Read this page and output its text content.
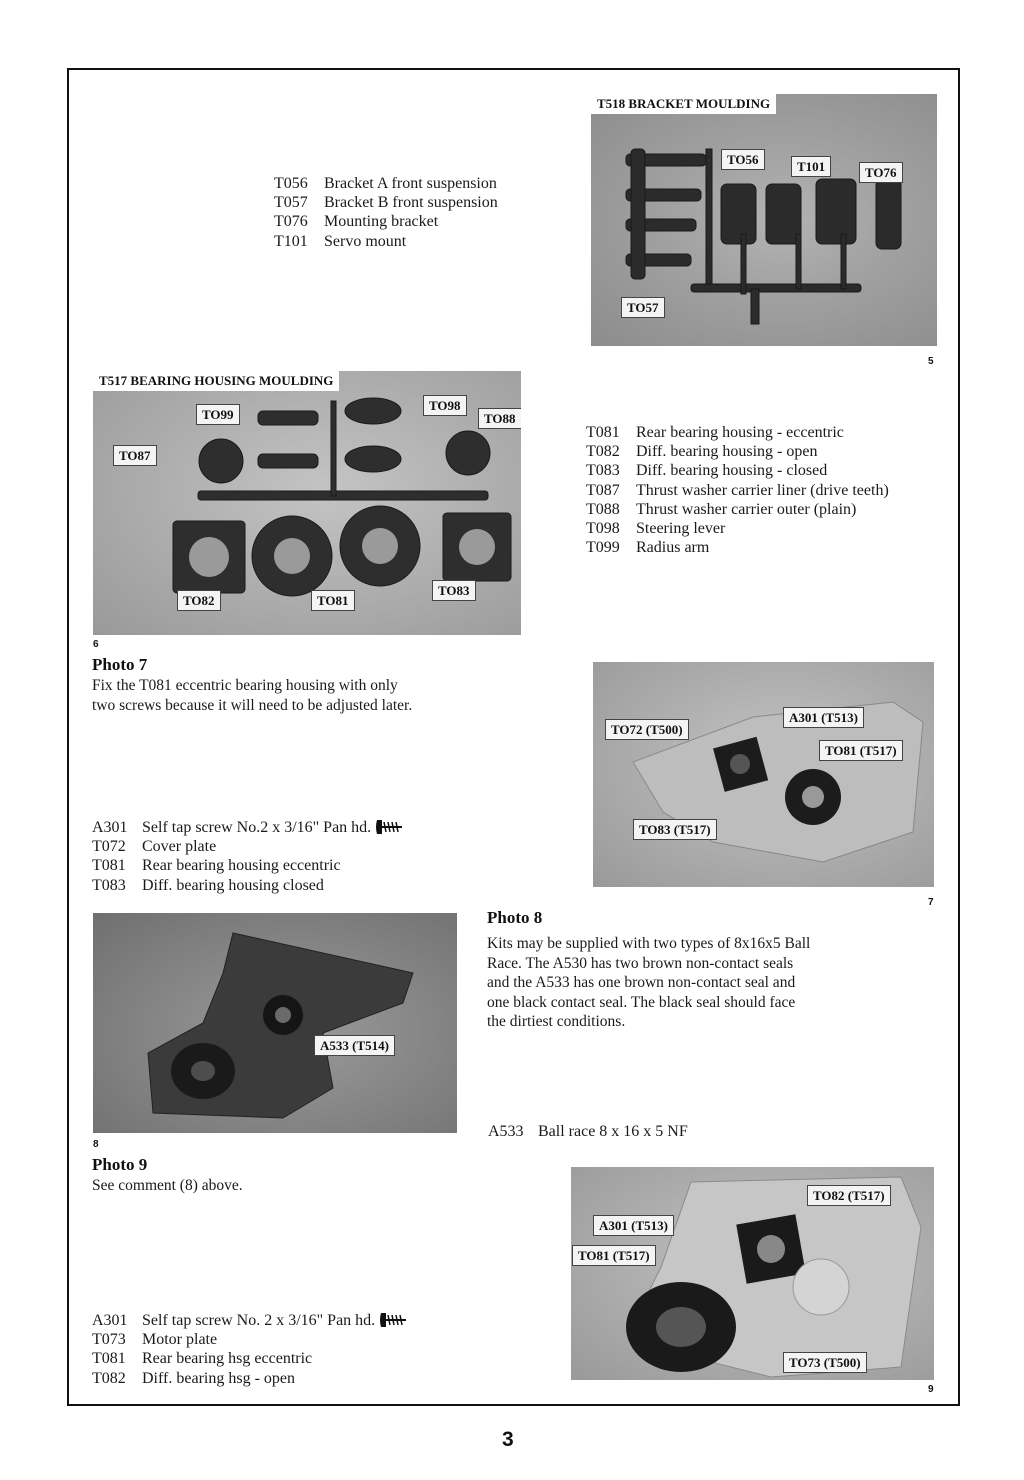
T056	Bracket A front suspension
T057	Bracket B front suspension
T076	Mounting bracket
T101	Servo mount
T518 BRACKET MOULDING
TO56	T101	TO76
TO57
5
T517 BEARING HOUSING MOULDING
TO99
TO98
TO88
TO87
TO82	TO81
TO83
6
T081	Rear bearing housing - eccentric
T082	Diff. bearing housing - open
T083	Diff. bearing housing - closed
T087	Thrust washer carrier liner (drive teeth)
T088	Thrust washer carrier outer (plain)
T098	Steering lever
T099	Radius arm
Photo 7
Fix the T081 eccentric bearing housing with only
two screws because it will need to be adjusted later.
A301 Self tap screw No.2 x 3/16" Pan hd.
T072	Cover plate
T081	Rear bearing housing eccentric
T083	Diff. bearing housing closed
TO72 (T500)
A301 (T513)
TO81 (T517)
TO83 (T517)
7
A533 (T514)
8
Photo 8
Kits may be supplied with two types of 8x16x5 Ball
Race. The A530 has two brown non-contact seals
and the A533 has one brown non-contact seal and
one black contact seal. The black seal should face
the dirtiest conditions.
A533 Ball race 8 x 16 x 5 NF
Photo 9
See comment (8) above.
A301 Self tap screw No. 2 x 3/16" Pan hd.
T073	Motor plate
T081	Rear bearing hsg eccentric
T082	Diff. bearing hsg - open
TO82 (T517)
A301 (T513)
TO81 (T517)
TO73 (T500)
9
3
